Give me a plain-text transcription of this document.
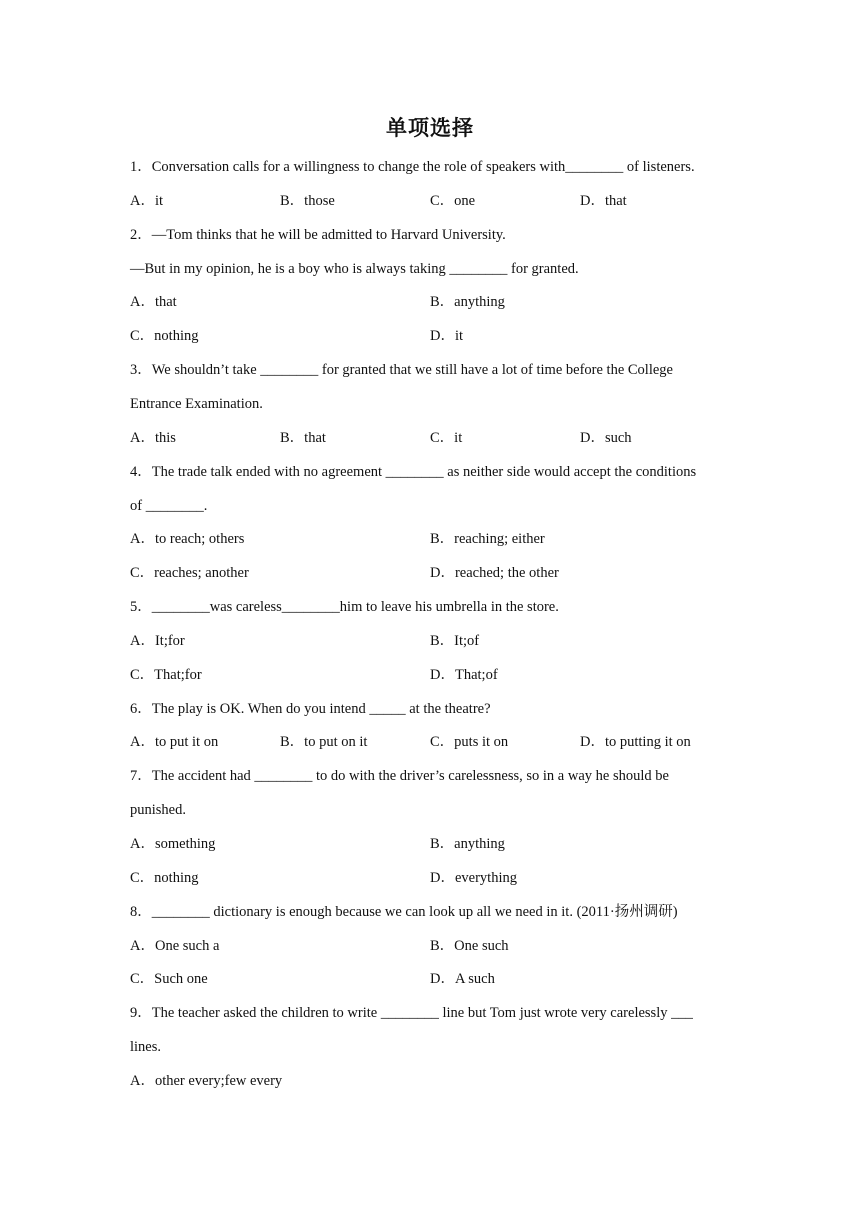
单项选择
1．Conversation calls for a willingness to change the role of speakers with________ of listeners.
A．it	B．those	C．one	D．that
2．—Tom thinks that he will be admitted to Harvard University.
—But in my opinion, he is a boy who is always taking ________ for granted.
A．that	B．anything
C．nothing	D．it
3．We shouldn’t take ________ for granted that we still have a lot of time before the College
Entrance Examination.
A．this	B．that	C．it	D．such
4．The trade talk ended with no agreement ________ as neither side would accept the conditions
of ________.
A．to reach; others	B．reaching; either
C．reaches; another	D．reached; the other
5．________was careless________him to leave his umbrella in the store.
A．It;for	B．It;of
C．That;for	D．That;of
6．The play is OK. When do you intend _____ at the theatre?
A．to put it on	B．to put on it	C．puts it on	D．to putting it on
7．The accident had ________ to do with the driver’s carelessness, so in a way he should be
punished.
A．something	B．anything
C．nothing	D．everything
8．________ dictionary is enough because we can look up all we need in it. (2011·扬州调研)
A．One such a	B．One such
C．Such one	D．A such
9．The teacher asked the children to write ________ line but Tom just wrote very carelessly ___
lines.
A．other every;few every
